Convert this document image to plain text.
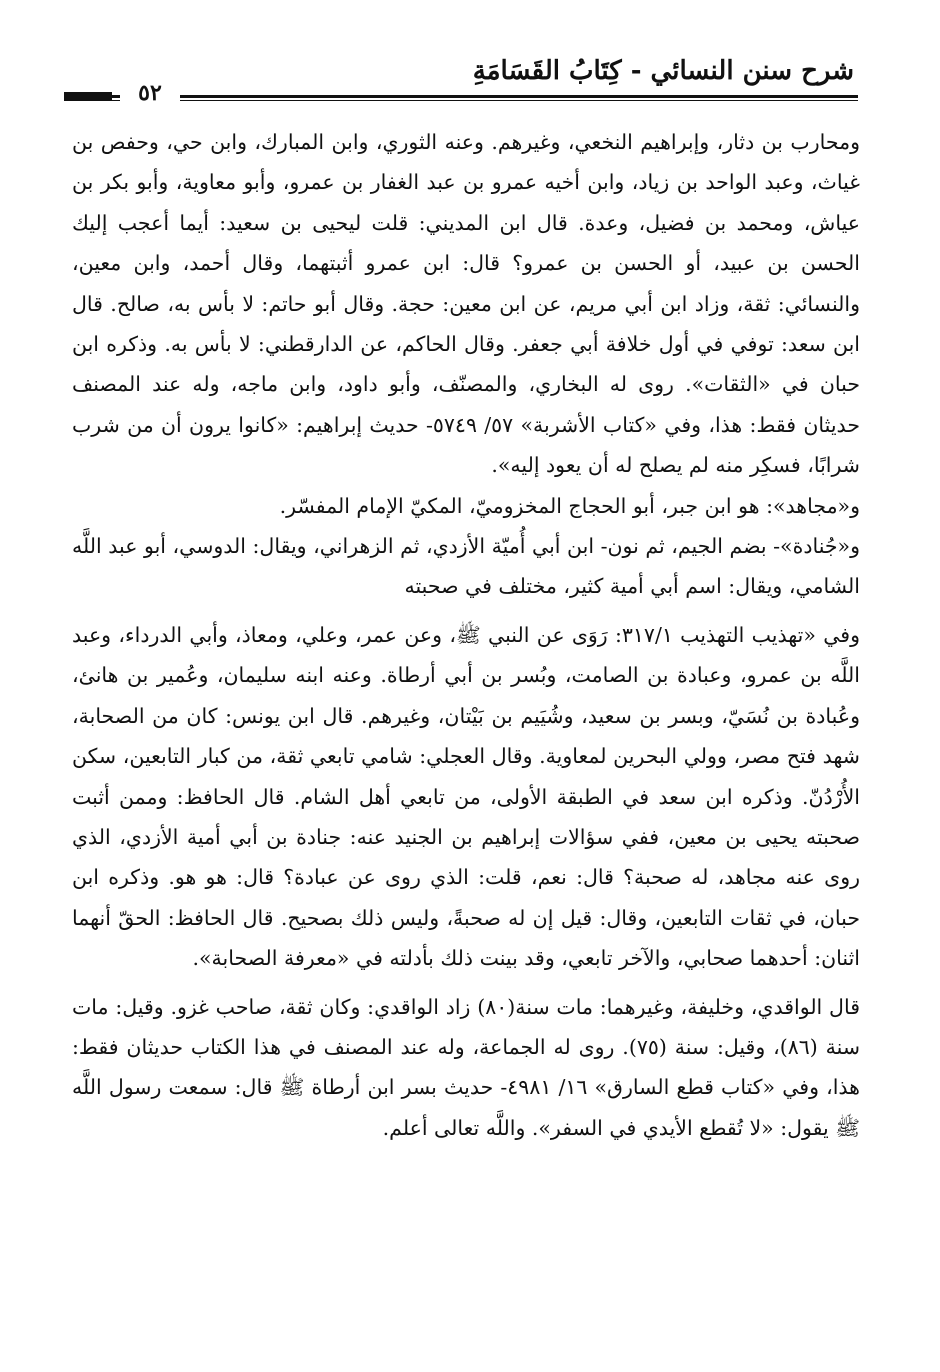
شرح سنن النسائي - كِتَابُ القَسَامَةِ
٥٢

ومحارب بن دثار، وإبراهيم النخعي، وغيرهم. وعنه الثوري، وابن المبارك، وابن حي، وحفص بن غياث، وعبد الواحد بن زياد، وابن أخيه عمرو بن عبد الغفار بن عمرو، وأبو معاوية، وأبو بكر بن عياش، ومحمد بن فضيل، وعدة. قال ابن المديني: قلت ليحيى بن سعيد: أيما أعجب إليك الحسن بن عبيد، أو الحسن بن عمرو؟ قال: ابن عمرو أثبتهما، وقال أحمد، وابن معين، والنسائي: ثقة، وزاد ابن أبي مريم، عن ابن معين: حجة. وقال أبو حاتم: لا بأس به، صالح. قال ابن سعد: توفي في أول خلافة أبي جعفر. وقال الحاكم، عن الدارقطني: لا بأس به. وذكره ابن حبان في «الثقات». روى له البخاري، والمصنّف، وأبو داود، وابن ماجه، وله عند المصنف حديثان فقط: هذا، وفي «كتاب الأشربة» ٥٧/ ٥٧٤٩- حديث إبراهيم: «كانوا يرون أن من شرب شرابًا، فسكِر منه لم يصلح له أن يعود إليه».

و«مجاهد»: هو ابن جبر، أبو الحجاج المخزوميّ، المكيّ الإمام المفسّر.

و«جُنادة»- بضم الجيم، ثم نون- ابن أبي أُميّة الأزدي، ثم الزهراني، ويقال: الدوسي، أبو عبد اللَّه الشامي، ويقال: اسم أبي أمية كثير، مختلف في صحبته

وفي «تهذيب التهذيب ٣١٧/١: رَوَى عن النبي ﷺ، وعن عمر، وعلي، ومعاذ، وأبي الدرداء، وعبد اللَّه بن عمرو، وعبادة بن الصامت، وبُسر بن أبي أرطاة. وعنه ابنه سليمان، وعُمير بن هانئ، وعُبادة بن نُسَيّ، وبسر بن سعيد، وشُيَيم بن بَيْتان، وغيرهم. قال ابن يونس: كان من الصحابة، شهد فتح مصر، وولي البحرين لمعاوية. وقال العجلي: شامي تابعي ثقة، من كبار التابعين، سكن الأُرْدُنّ. وذكره ابن سعد في الطبقة الأولى، من تابعي أهل الشام. قال الحافظ: وممن أثبت صحبته يحيى بن معين، ففي سؤالات إبراهيم بن الجنيد عنه: جنادة بن أبي أمية الأزدي، الذي روى عنه مجاهد، له صحبة؟ قال: نعم، قلت: الذي روى عن عبادة؟ قال: هو هو. وذكره ابن حبان، في ثقات التابعين، وقال: قيل إن له صحبةً، وليس ذلك بصحيح. قال الحافظ: الحقّ أنهما اثنان: أحدهما صحابي، والآخر تابعي، وقد بينت ذلك بأدلته في «معرفة الصحابة».

قال الواقدي، وخليفة، وغيرهما: مات سنة(٨٠) زاد الواقدي: وكان ثقة، صاحب غزو. وقيل: مات سنة (٨٦)، وقيل: سنة (٧٥). روى له الجماعة، وله عند المصنف في هذا الكتاب حديثان فقط: هذا، وفي «كتاب قطع السارق» ١٦/ ٤٩٨١- حديث بسر ابن أرطاة ﷺ قال: سمعت رسول اللَّه ﷺ يقول: «لا تُقطع الأيدي في السفر». واللَّه تعالى أعلم.
